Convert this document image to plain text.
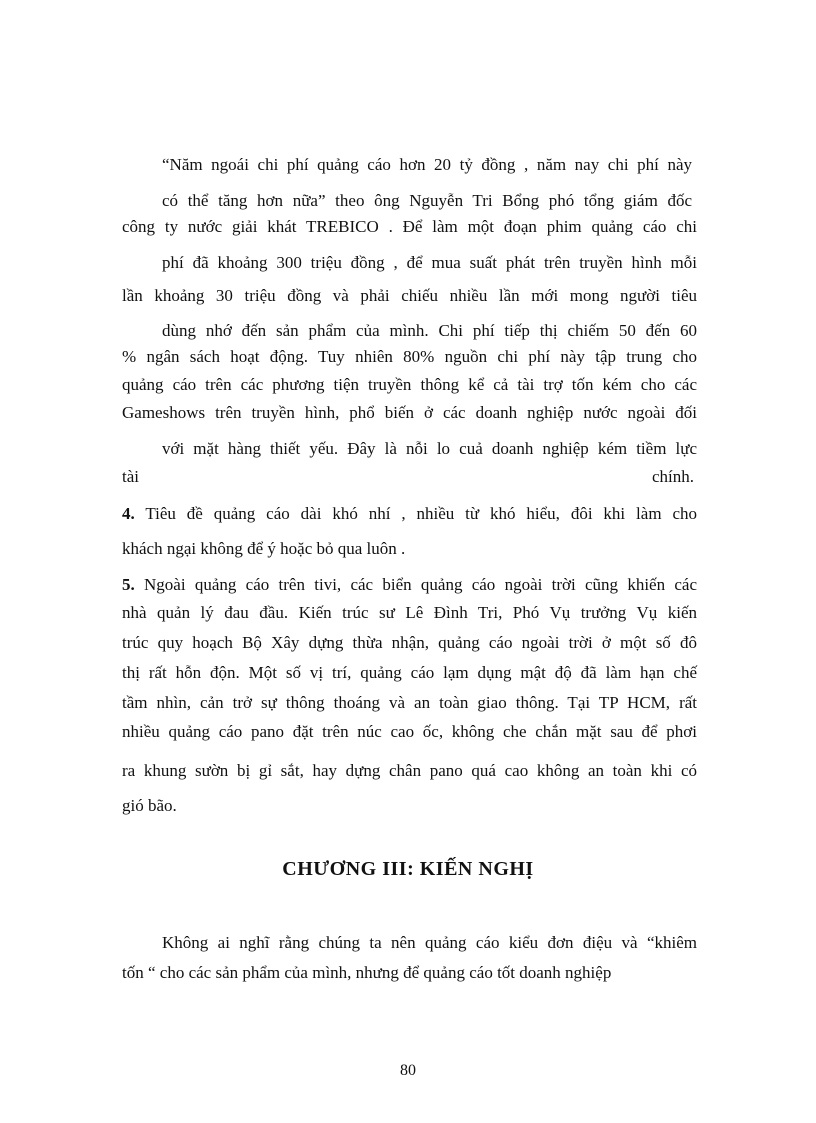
“Năm ngoái chi phí quảng cáo hơn 20 tỷ đồng , năm nay chi phí này

có thể tăng hơn nữa” theo ông Nguyễn Tri Bổng phó tổng giám đốc

công ty nước giải khát TREBICO . Để làm một đoạn phim quảng cáo chi

phí đã khoảng 300 triệu đồng , để mua suất phát trên truyền hình mỗi

lần khoảng 30 triệu đồng và phải chiếu nhiều lần mới mong người tiêu

dùng nhớ đến sản phẩm của mình. Chi phí tiếp thị chiếm 50 đến 60

% ngân sách hoạt động. Tuy nhiên 80% nguồn chi phí này tập trung cho

quảng cáo trên các phương tiện truyền thông kể cả tài trợ tốn kém cho các

Gameshows trên truyền hình, phổ biến ở các doanh nghiệp nước ngoài đối

với mặt hàng thiết yếu. Đây là nỗi lo cuả doanh nghiệp kém tiềm lực

tài	chính.

4. Tiêu đề quảng cáo dài khó nhí , nhiều từ khó hiểu, đôi khi làm cho

khách ngại không để ý hoặc bỏ qua luôn .

5. Ngoài quảng cáo trên tivi, các biển quảng cáo ngoài trời cũng khiến các

nhà quản lý đau đầu. Kiến trúc sư Lê Đình Tri, Phó Vụ trưởng Vụ kiến

trúc quy hoạch Bộ Xây dựng thừa nhận, quảng cáo ngoài trời ở một số đô

thị rất hỗn độn. Một số vị trí, quảng cáo lạm dụng mật độ đã làm hạn chế

tầm nhìn, cản trở sự thông thoáng và an toàn giao thông. Tại TP HCM, rất

nhiều quảng cáo pano đặt trên núc cao ốc, không che chắn mặt sau để phơi

ra khung sườn bị gỉ sắt, hay dựng chân pano quá cao không an toàn khi có

gió bão.

CHƯƠNG III: KIẾN NGHỊ

Không ai nghĩ rằng chúng ta nên quảng cáo kiểu đơn điệu và “khiêm

tốn “ cho các sản phẩm của mình, nhưng để quảng cáo tốt doanh nghiệp

80
